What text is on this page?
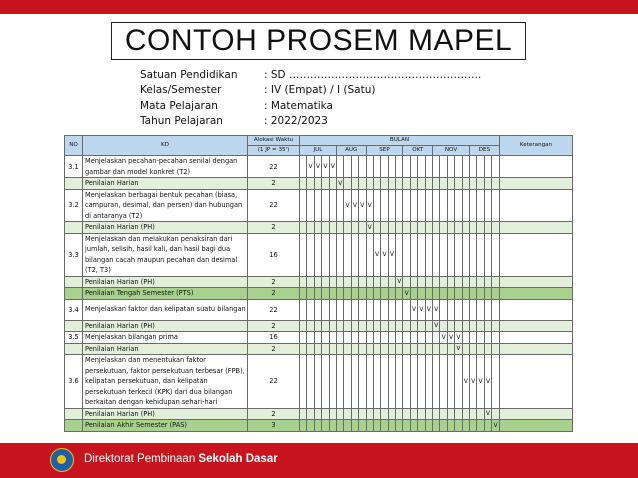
CONTOH PROSEM MAPEL
Satuan Pendidikan	: SD ……………………………………………….
Kelas/Semester	: IV (Empat) / I (Satu)
Mata Pelajaran	: Matematika
Tahun Pelajaran	: 2022/2023
NO	KD	Alokasi Waktu	BULAN																											Keterangan
		(1 JP = 35')	JUL					AUG				SEP					OKT				NOV					DES				
3.1	Menjelaskan pecahan-pecahan senilai dengan gambar dan model konkret (T2)	22		V	V	V	V																							
	Penilaian Harian	2						V																						
3.2	Menjelaskan berbagai bentuk pecahan (biasa, campuran, desimal, dan persen) dan hubungan di antaranya (T2)	22							V	V	V	V																		
	Penilaian Harian (PH)	2										V																		
3.3	Menjelaskan dan melakukan penaksiran dari jumlah, selisih, hasil kali, dan hasil bagi dua bilangan cacah maupun pecahan dan desimal (T2, T3)	16											V	V	V															
	Penilaian Harian (PH)	2														V														
	Penilaian Tengah Semester (PTS)	2															V													
3.4	Menjelaskan faktor dan kelipatan suatu bilangan	22																V	V	V	V									
	Penilaian Harian (PH)	2																			V									
3.5	Menjelaskan bilangan prima	16																				V	V	V						
	Penilaian Harian	2																						V						
3.6	Menjelaskan dan menentukan faktor persekutuan, faktor persekutuan terbesar (FPB), kelipatan persekutuan, dan kelipatan persekutuan terkecil (KPK) dari dua bilangan berkaitan dengan kehidupan sehari-hari	22																							V	V	V	V		
	Penilaian Harian (PH)	2																										V		
	Penilaian Akhir Semester (PAS)	3																											V	
Direktorat Pembinaan Sekolah Dasar
